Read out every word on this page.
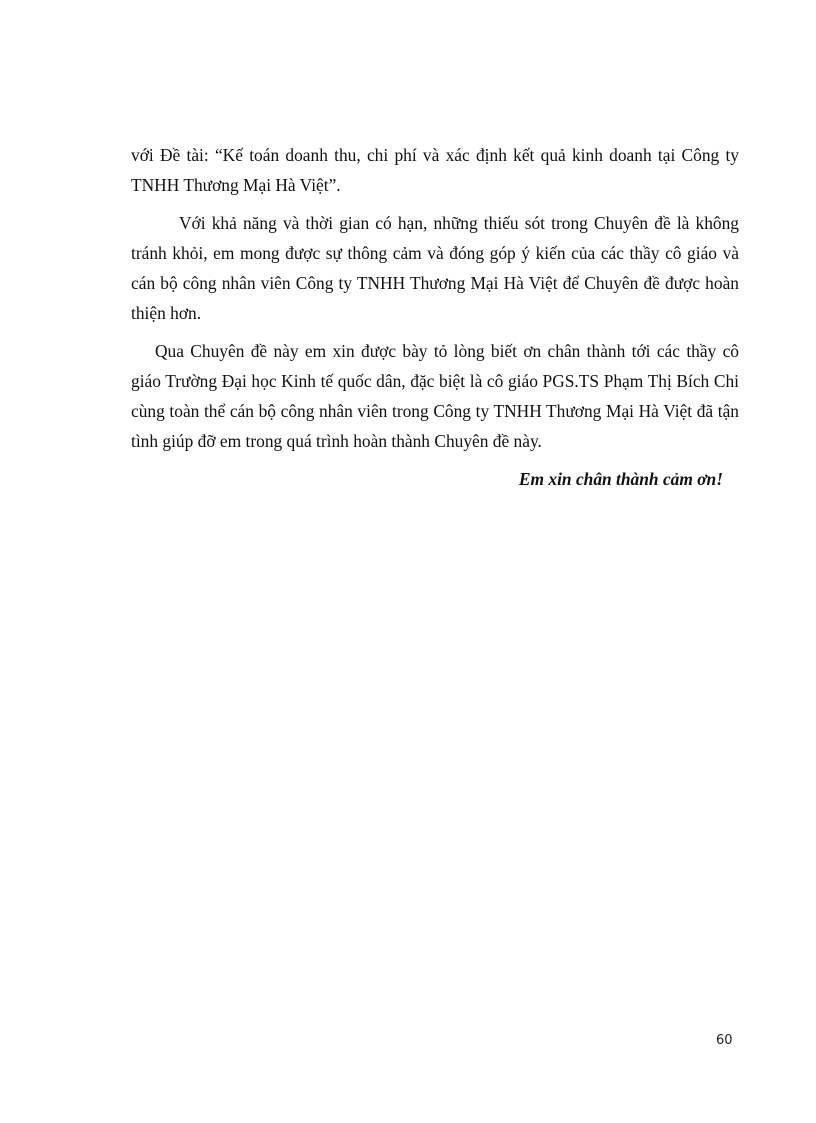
với Đề tài: “Kế toán doanh thu, chi phí và xác định kết quả kinh doanh tại Công ty TNHH Thương Mại Hà Việt”.

Với khả năng và thời gian có hạn, những thiếu sót trong Chuyên đề là không tránh khỏi, em mong được sự thông cảm và đóng góp ý kiến của các thầy cô giáo và cán bộ công nhân viên Công ty TNHH Thương Mại Hà Việt để Chuyên đề được hoàn thiện hơn.

Qua Chuyên đề này em xin được bày tỏ lòng biết ơn chân thành tới các thầy cô giáo Trường Đại học Kinh tế quốc dân, đặc biệt là cô giáo PGS.TS Phạm Thị Bích Chi cùng toàn thể cán bộ công nhân viên trong Công ty TNHH Thương Mại Hà Việt đã tận tình giúp đỡ em trong quá trình hoàn thành Chuyên đề này.

Em xin chân thành cảm ơn!

60
